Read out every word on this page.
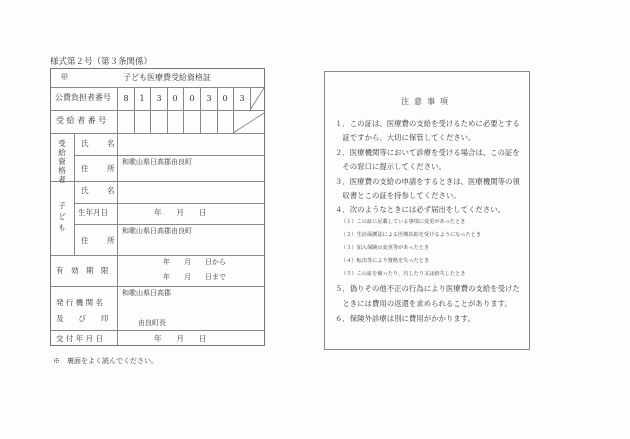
様式第２号（第３条関係）
㊞	子ども医療費受給資格証
公費負担者番号	8	1	3	0	0	3	0	3
受 給 者 番 号
受
給
資
格
者
氏 名
住 所
和歌山県日高郡由良町
子
ど
も
氏 名
生年月日	年　　月　　日
住 所
和歌山県日高郡由良町
有　効　期　限
年　　月　　日から
年　　月　　日まで
発 行 機 関 名
及　　び　　印
和歌山県日高郡
由良町長
交 付 年 月 日	年　　月　　日
※　裏面をよく読んでください。
注意事項
１．この証は、医療費の支給を受けるために必要とする
　証ですから、大切に保管してください。
２．医療機関等において診療を受ける場合は、この証を
　その窓口に提示してください。
３．医療費の支給の申請をするときは、医療機関等の領
　収書とこの証を持参してください。
４．次のようなときには必ず届出をしてください。
（１）この証に記載している事項に変更があったとき
（２）生活保護法による医療扶助を受けるようになったとき
（３）加入保険の変更等があったとき
（４）転出等により資格を失ったとき
（５）この証を破ったり、汚したり又は紛失したとき
５．偽りその他不正の行為により医療費の支給を受けた
　ときには費用の返還を求められることがあります。
６．保険外診療は別に費用がかかります。
